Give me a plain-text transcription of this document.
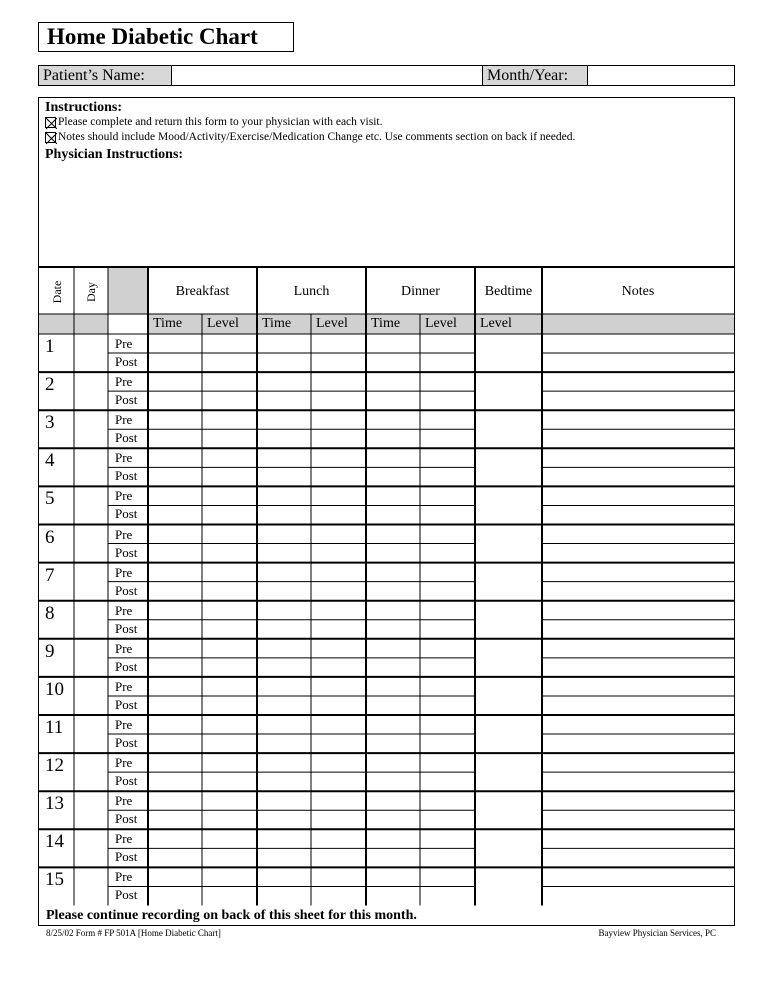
Home Diabetic Chart
Patient’s Name:	Month/Year:
Instructions:
Please complete and return this form to your physician with each visit.
Notes should include Mood/Activity/Exercise/Medication Change etc. Use comments section on back if needed.
Physician Instructions:
Date Day	Breakfast	Lunch	Dinner	Bedtime	Notes
Time Level Time Level Time Level Level
1	Pre
Post
2	Pre
Post
3	Pre
Post
4	Pre
Post
5	Pre
Post
6	Pre
Post
7	Pre
Post
8	Pre
Post
9	Pre
Post
10	Pre
Post
11	Pre
Post
12	Pre
Post
13	Pre
Post
14	Pre
Post
15	Pre
Post
Please continue recording on back of this sheet for this month.
8/25/02 Form # FP 501A [Home Diabetic Chart]	Bayview Physician Services, PC
